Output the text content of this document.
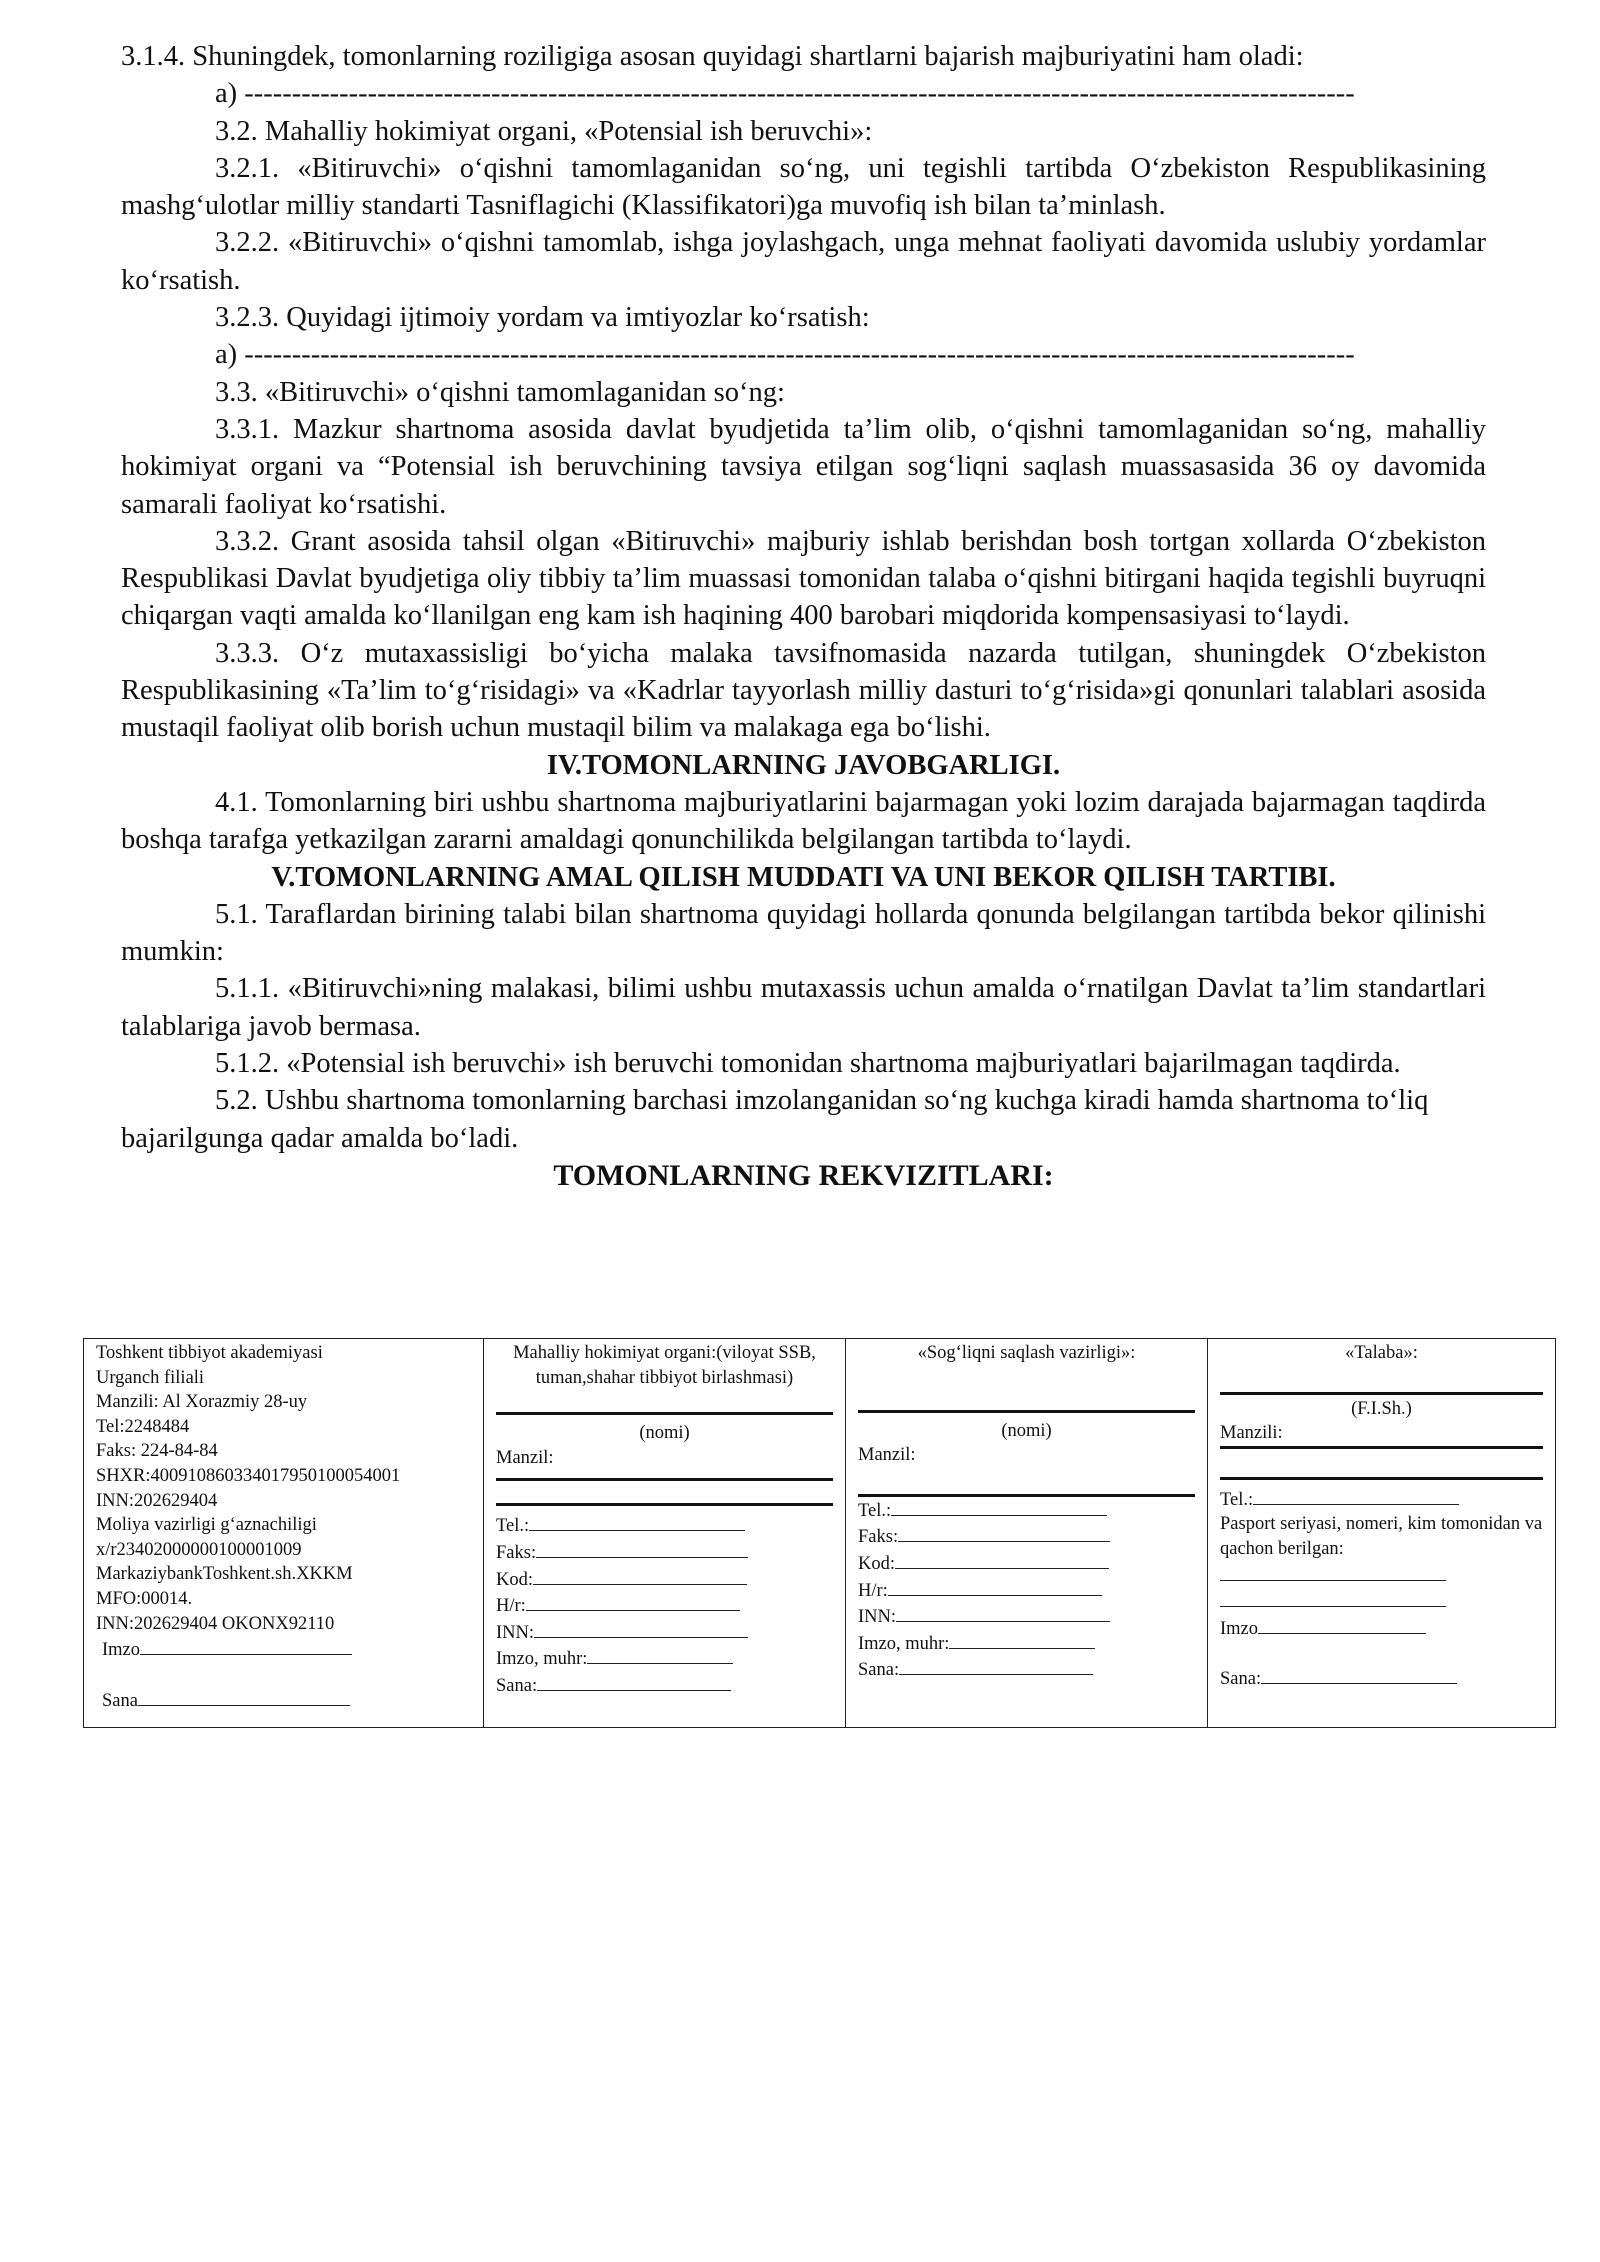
3.1.4. Shuningdek, tomonlarning roziligiga asosan quyidagi shartlarni bajarish majburiyatini ham oladi:

a) ---------------------------------------------------------------------------------------------------------------------

3.2. Mahalliy hokimiyat organi, «Potensial ish beruvchi»:

3.2.1. «Bitiruvchi» oʻqishni tamomlaganidan soʻng, uni tegishli tartibda Oʻzbekiston Respublikasining mashgʻulotlar milliy standarti Tasniflagichi (Klassifikatori)ga muvofiq ish bilan taʼminlash.

3.2.2. «Bitiruvchi» oʻqishni tamomlab, ishga joylashgach, unga mehnat faoliyati davomida uslubiy yordamlar koʻrsatish.

3.2.3. Quyidagi ijtimoiy yordam va imtiyozlar koʻrsatish:

a) ---------------------------------------------------------------------------------------------------------------------

3.3. «Bitiruvchi» oʻqishni tamomlaganidan soʻng:

3.3.1. Mazkur shartnoma asosida davlat byudjetida taʼlim olib, oʻqishni tamomlaganidan soʻng, mahalliy hokimiyat organi va “Potensial ish beruvchining tavsiya etilgan sogʻliqni saqlash muassasasida 36 oy davomida samarali faoliyat koʻrsatishi.

3.3.2. Grant asosida tahsil olgan «Bitiruvchi» majburiy ishlab berishdan bosh tortgan xollarda Oʻzbekiston Respublikasi Davlat byudjetiga oliy tibbiy taʼlim muassasi tomonidan talaba oʻqishni bitirgani haqida tegishli buyruqni chiqargan vaqti amalda koʻllanilgan eng kam ish haqining 400 barobari miqdorida kompensasiyasi toʻlaydi.

3.3.3. Oʻz mutaxassisligi boʻyicha malaka tavsifnomasida nazarda tutilgan, shuningdek Oʻzbekiston Respublikasining «Taʼlim toʻgʻrisidagi» va «Kadrlar tayyorlash milliy dasturi toʻgʻrisida»gi qonunlari talablari asosida mustaqil faoliyat olib borish uchun mustaqil bilim va malakaga ega boʻlishi.

IV.TOMONLARNING JAVOBGARLIGI.

4.1. Tomonlarning biri ushbu shartnoma majburiyatlarini bajarmagan yoki lozim darajada bajarmagan taqdirda boshqa tarafga yetkazilgan zararni amaldagi qonunchilikda belgilangan tartibda toʻlaydi.

V.TOMONLARNING AMAL QILISH MUDDATI VA UNI BEKOR QILISH TARTIBI.

5.1. Taraflardan birining talabi bilan shartnoma quyidagi hollarda qonunda belgilangan tartibda bekor qilinishi mumkin:

5.1.1. «Bitiruvchi»ning malakasi, bilimi ushbu mutaxassis uchun amalda oʻrnatilgan Davlat taʼlim standartlari talablariga javob bermasa.

5.1.2. «Potensial ish beruvchi» ish beruvchi tomonidan shartnoma majburiyatlari bajarilmagan taqdirda.

5.2. Ushbu shartnoma tomonlarning barchasi imzolanganidan soʻng kuchga kiradi hamda shartnoma toʻliq bajarilgunga qadar amalda boʻladi.

TOMONLARNING REKVIZITLARI:

Toshkent tibbiyot akademiyasi
Urganch filiali
Manzili: Al Xorazmiy 28-uy
Tel:2248484
Faks: 224-84-84
SHXR:400910860334017950100054001
INN:202629404
Moliya vazirligi gʻaznachiligi
x/r23402000000100001009
MarkaziybankToshkent.sh.XKKM
MFO:00014.
INN:202629404 OKONX92110
Imzo
Sana

Mahalliy hokimiyat organi:(viloyat SSB, tuman,shahar tibbiyot birlashmasi)
(nomi)
Manzil:
Tel.:
Faks:
Kod:
H/r:
INN:
Imzo, muhr:
Sana:

«Sogʻliqni saqlash vazirligi»:
(nomi)
Manzil:
Tel.:
Faks:
Kod:
H/r:
INN:
Imzo, muhr:
Sana:

«Talaba»:
(F.I.Sh.)
Manzili:
Tel.:
Pasport seriyasi, nomeri, kim tomonidan va qachon berilgan:
Imzo
Sana:
